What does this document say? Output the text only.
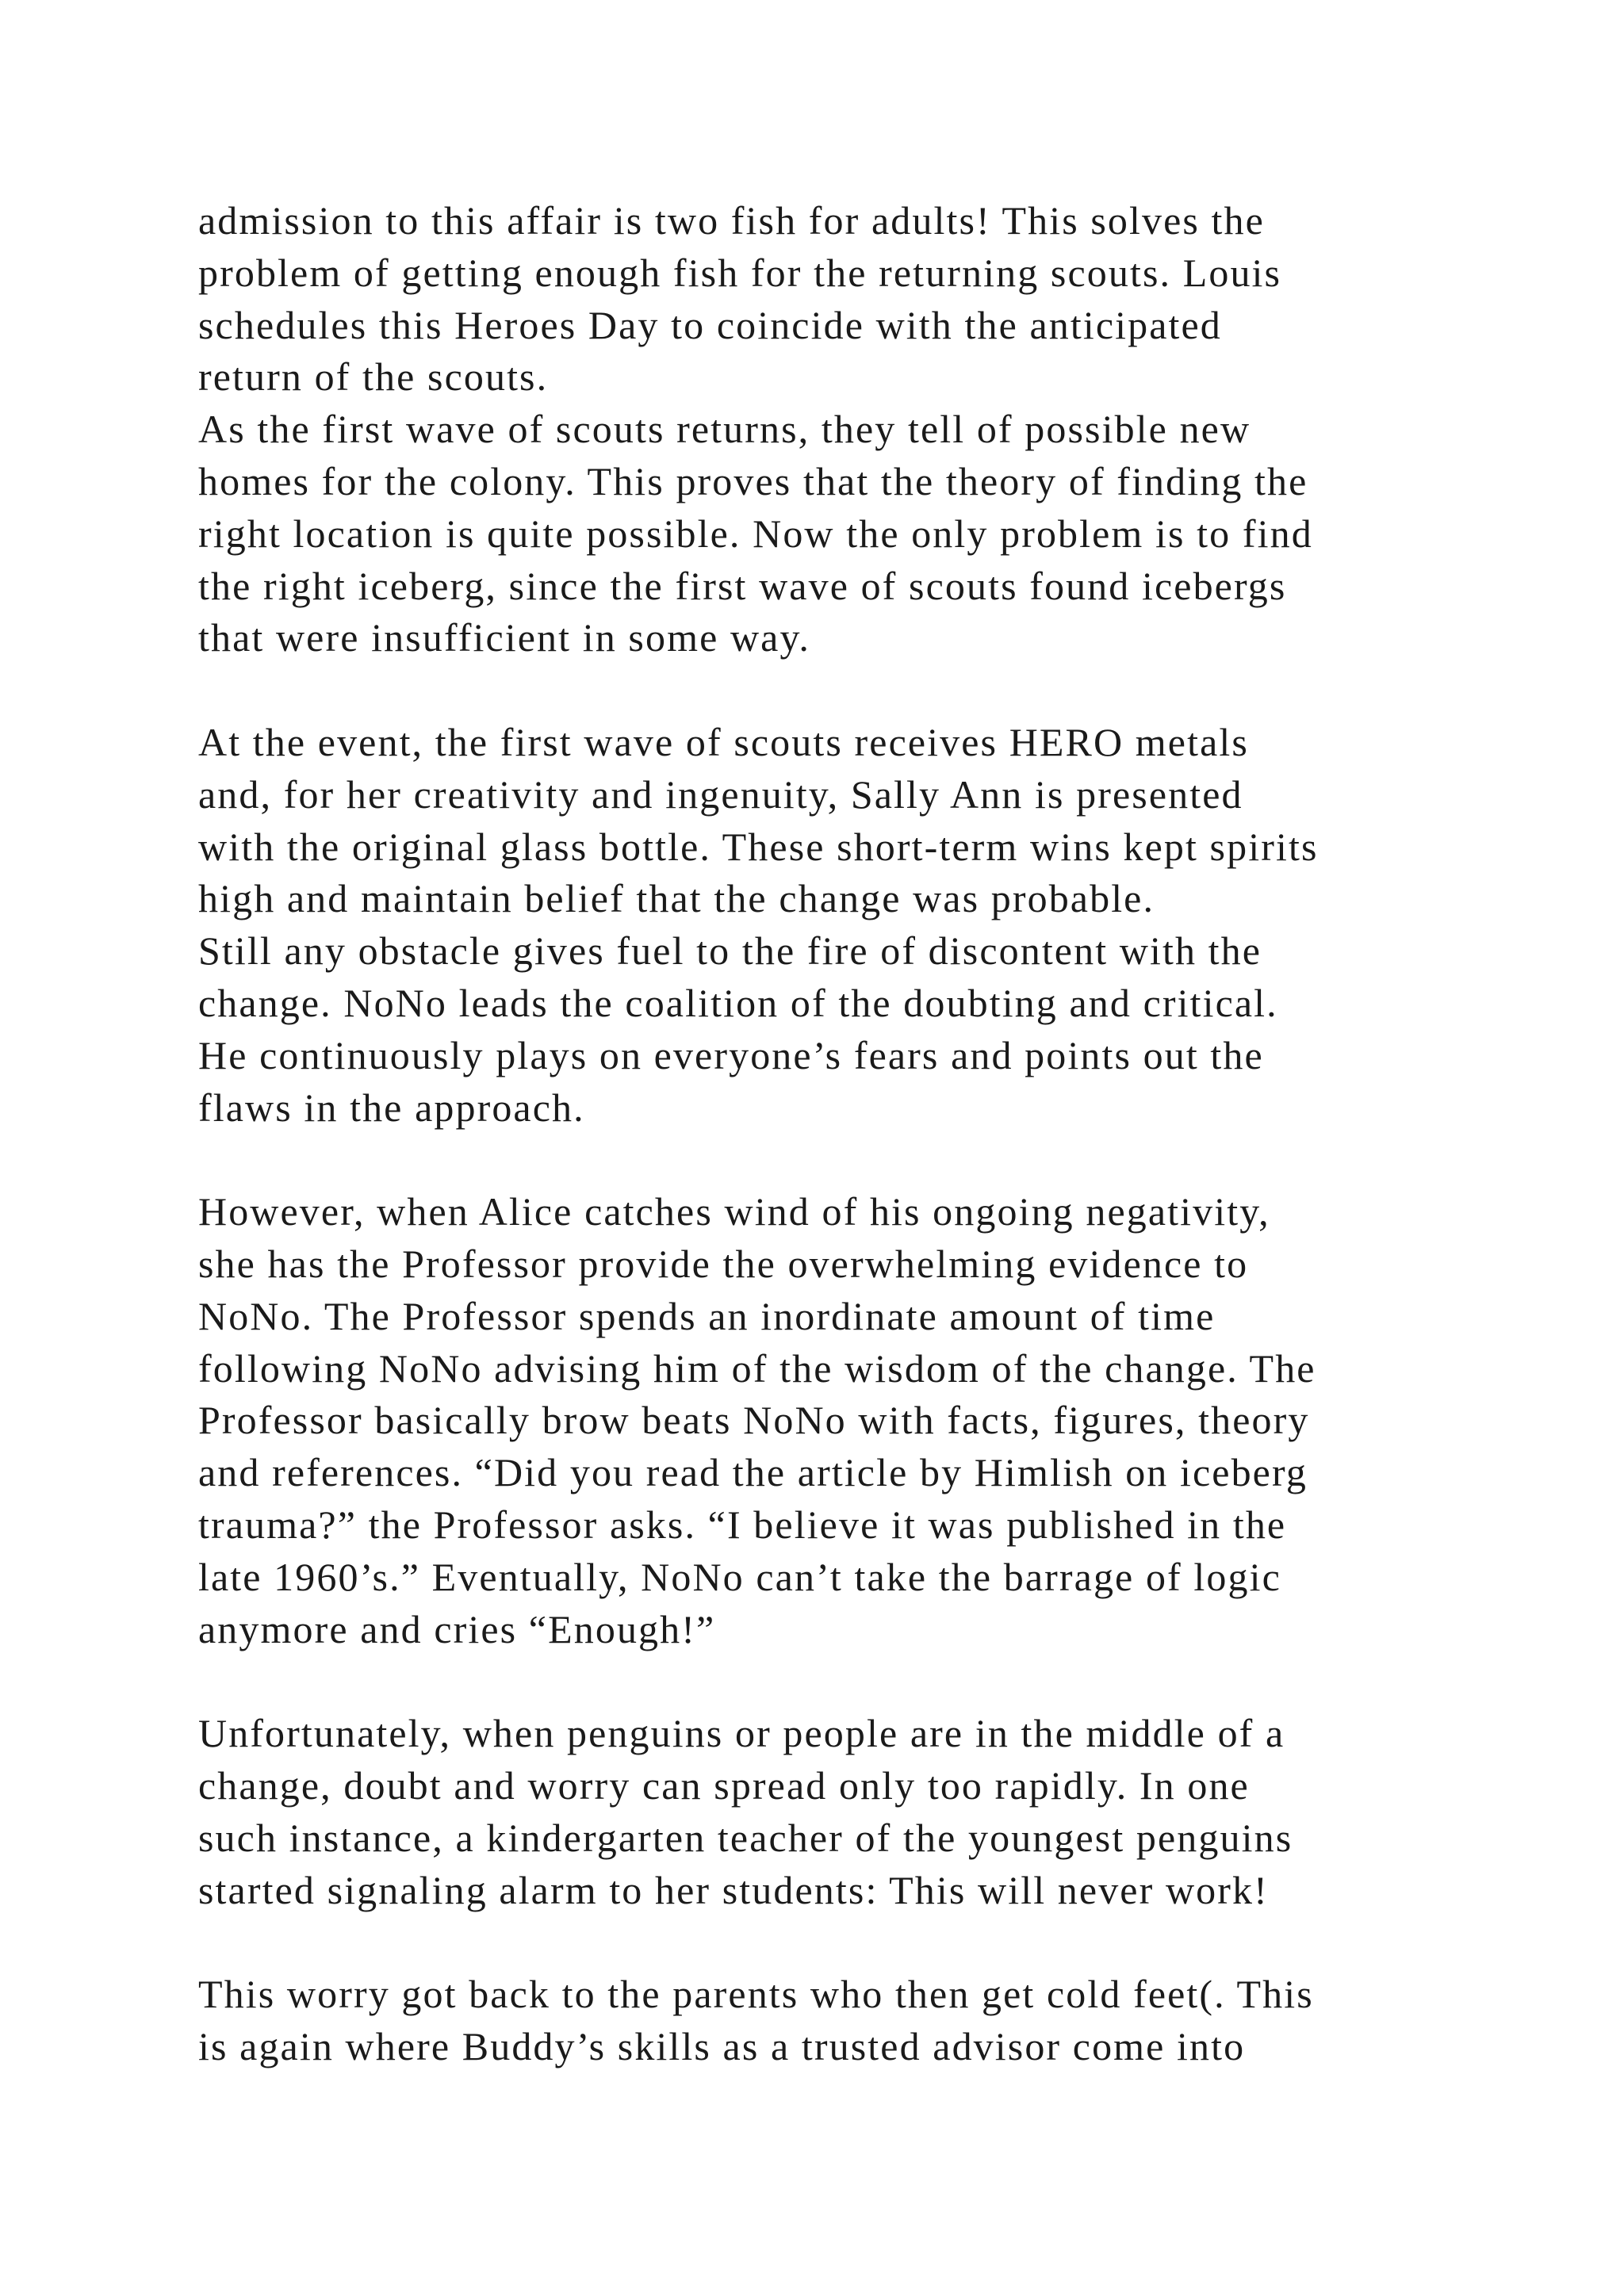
admission to this affair is two fish for adults! This solves the
problem of getting enough fish for the returning scouts. Louis
schedules this Heroes Day to coincide with the anticipated
return of the scouts.
As the first wave of scouts returns, they tell of possible new
homes for the colony. This proves that the theory of finding the
right location is quite possible. Now the only problem is to find
the right iceberg, since the first wave of scouts found icebergs
that were insufficient in some way.
At the event, the first wave of scouts receives HERO metals
and, for her creativity and ingenuity, Sally Ann is presented
with the original glass bottle. These short-term wins kept spirits
high and maintain belief that the change was probable.
Still any obstacle gives fuel to the fire of discontent with the
change. NoNo leads the coalition of the doubting and critical.
He continuously plays on everyone’s fears and points out the
flaws in the approach.
However, when Alice catches wind of his ongoing negativity,
she has the Professor provide the overwhelming evidence to
NoNo. The Professor spends an inordinate amount of time
following NoNo advising him of the wisdom of the change. The
Professor basically brow beats NoNo with facts, figures, theory
and references. “Did you read the article by Himlish on iceberg
trauma?” the Professor asks. “I believe it was published in the
late 1960’s.” Eventually, NoNo can’t take the barrage of logic
anymore and cries “Enough!”
Unfortunately, when penguins or people are in the middle of a
change, doubt and worry can spread only too rapidly. In one
such instance, a kindergarten teacher of the youngest penguins
started signaling alarm to her students: This will never work!
This worry got back to the parents who then get cold feet(. This
is again where Buddy’s skills as a trusted advisor come into
